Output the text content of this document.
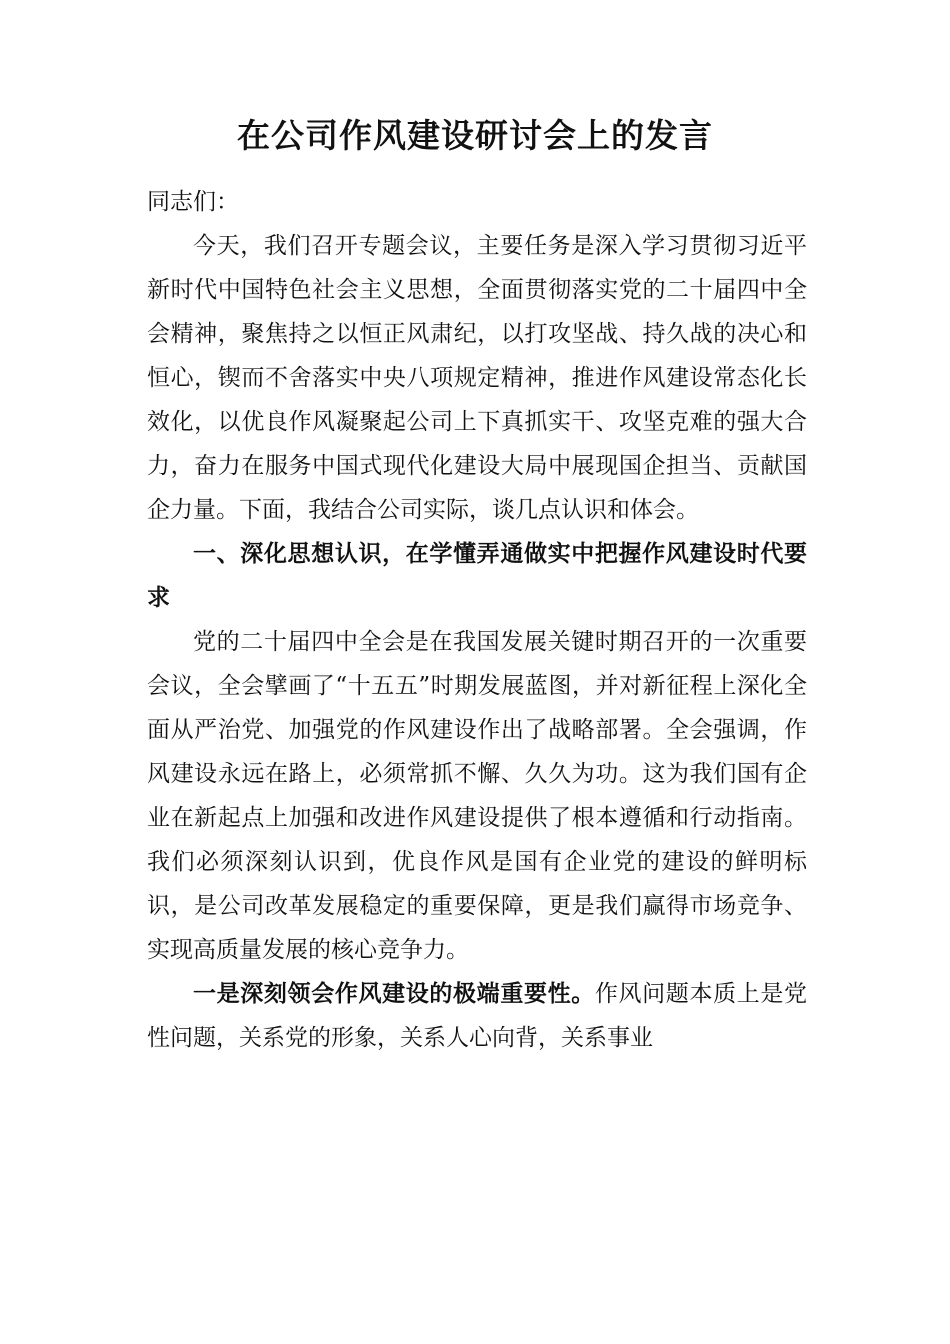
在公司作风建设研讨会上的发言

同志们：

今天，我们召开专题会议，主要任务是深入学习贯彻习近平新时代中国特色社会主义思想，全面贯彻落实党的二十届四中全会精神，聚焦持之以恒正风肃纪，以打攻坚战、持久战的决心和恒心，锲而不舍落实中央八项规定精神，推进作风建设常态化长效化，以优良作风凝聚起公司上下真抓实干、攻坚克难的强大合力，奋力在服务中国式现代化建设大局中展现国企担当、贡献国企力量。下面，我结合公司实际，谈几点认识和体会。

一、深化思想认识，在学懂弄通做实中把握作风建设时代要求

党的二十届四中全会是在我国发展关键时期召开的一次重要会议，全会擘画了“十五五”时期发展蓝图，并对新征程上深化全面从严治党、加强党的作风建设作出了战略部署。全会强调，作风建设永远在路上，必须常抓不懈、久久为功。这为我们国有企业在新起点上加强和改进作风建设提供了根本遵循和行动指南。我们必须深刻认识到，优良作风是国有企业党的建设的鲜明标识，是公司改革发展稳定的重要保障，更是我们赢得市场竞争、实现高质量发展的核心竞争力。

一是深刻领会作风建设的极端重要性。作风问题本质上是党性问题，关系党的形象，关系人心向背，关系事业
